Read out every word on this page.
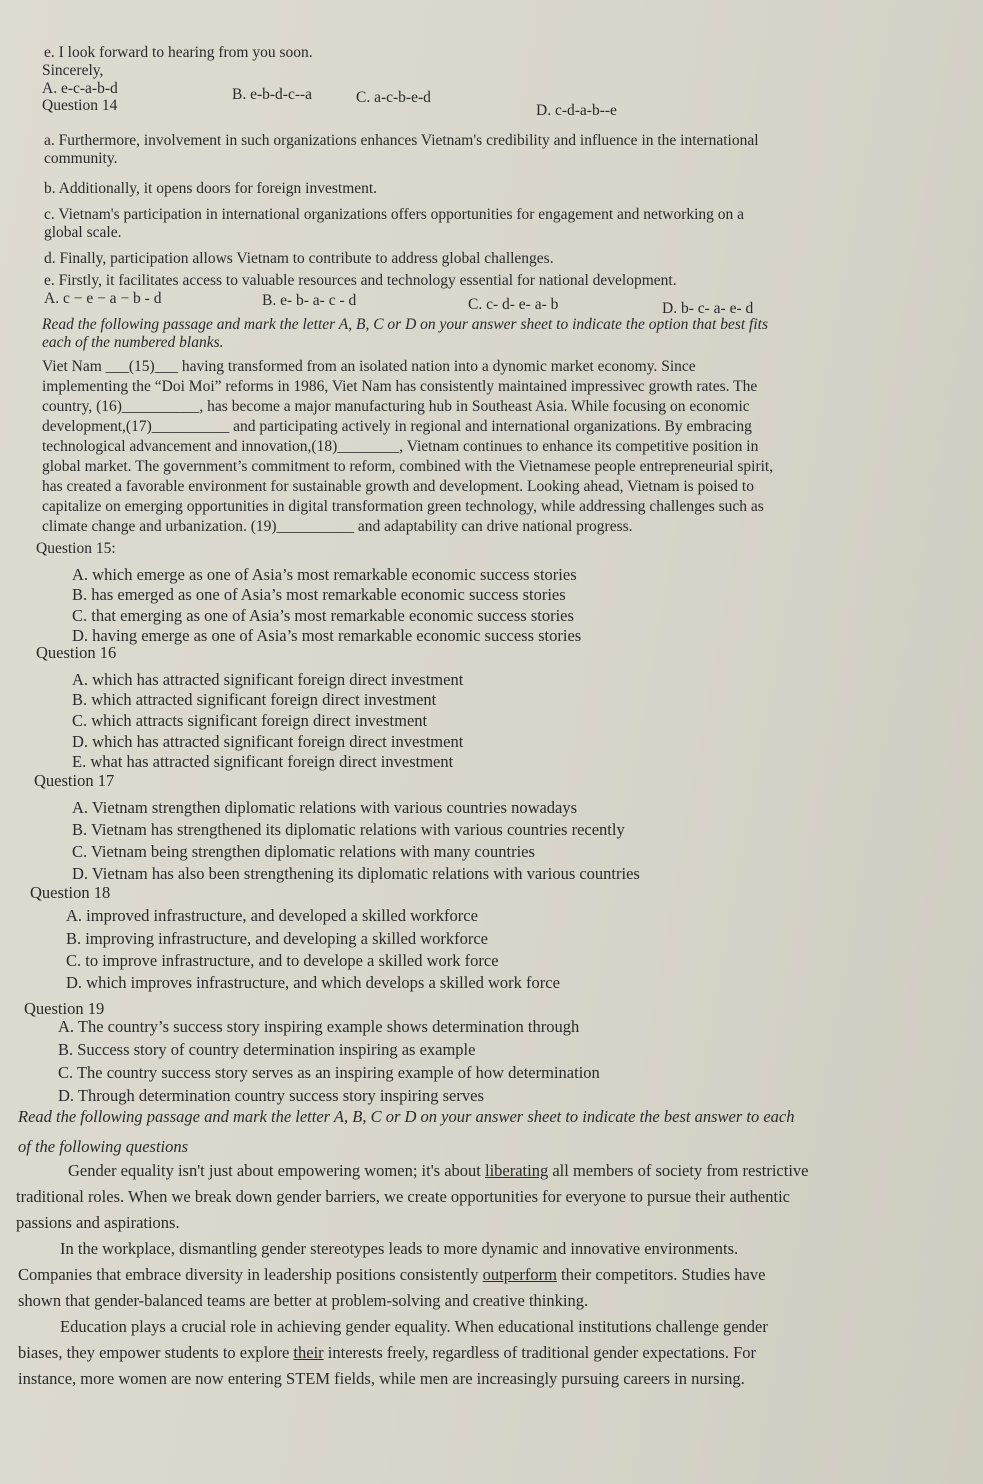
e. I look forward to hearing from you soon.
Sincerely,
A. e-c-a-b-d	B. e-b-d-c--a	C. a-c-b-e-d
D. c-d-a-b--e
Question 14
a. Furthermore, involvement in such organizations enhances Vietnam's credibility and influence in the international
community.
b. Additionally, it opens doors for foreign investment.
c. Vietnam's participation in international organizations offers opportunities for engagement and networking on a
global scale.
d. Finally, participation allows Vietnam to contribute to address global challenges.
e. Firstly, it facilitates access to valuable resources and technology essential for national development.
A. c − e − a − b - d	B. e- b- a- c - d	C. c- d- e- a- b	D. b- c- a- e- d
Read the following passage and mark the letter A, B, C or D on your answer sheet to indicate the option that best fits
each of the numbered blanks.
Viet Nam ___(15)___ having transformed from an isolated nation into a dynomic market economy. Since
implementing the “Doi Moi” reforms in 1986, Viet Nam has consistently maintained impressivec growth rates. The
country, (16)__________, has become a major manufacturing hub in Southeast Asia. While focusing on economic
development,(17)__________ and participating actively in regional and international organizations. By embracing
technological advancement and innovation,(18)________, Vietnam continues to enhance its competitive position in
global market. The government’s commitment to reform, combined with the Vietnamese people entrepreneurial spirit,
has created a favorable environment for sustainable growth and development. Looking ahead, Vietnam is poised to
capitalize on emerging opportunities in digital transformation green technology, while addressing challenges such as
climate change and urbanization. (19)__________ and adaptability can drive national progress.
Question 15:
A. which emerge as one of Asia’s most remarkable economic success stories
B. has emerged as one of Asia’s most remarkable economic success stories
C. that emerging as one of Asia’s most remarkable economic success stories
D. having emerge as one of Asia’s most remarkable economic success stories
Question 16
A. which has attracted significant foreign direct investment
B. which attracted significant foreign direct investment
C. which attracts significant foreign direct investment
D. which has attracted significant foreign direct investment
E. what has attracted significant foreign direct investment
Question 17
A. Vietnam strengthen diplomatic relations with various countries nowadays
B. Vietnam has strengthened its diplomatic relations with various countries recently
C. Vietnam being strengthen diplomatic relations with many countries
D. Vietnam has also been strengthening its diplomatic relations with various countries
Question 18
A. improved infrastructure, and developed a skilled workforce
B. improving infrastructure, and developing a skilled workforce
C. to improve infrastructure, and to develope a skilled work force
D. which improves infrastructure, and which develops a skilled work force
Question 19
A. The country’s success story inspiring example shows determination through
B. Success story of country determination inspiring as example
C. The country success story serves as an inspiring example of how determination
D. Through determination country success story inspiring serves
Read the following passage and mark the letter A, B, C or D on your answer sheet to indicate the best answer to each
of the following questions
Gender equality isn't just about empowering women; it's about liberating all members of society from restrictive
traditional roles. When we break down gender barriers, we create opportunities for everyone to pursue their authentic
passions and aspirations.
In the workplace, dismantling gender stereotypes leads to more dynamic and innovative environments.
Companies that embrace diversity in leadership positions consistently outperform their competitors. Studies have
shown that gender-balanced teams are better at problem-solving and creative thinking.
Education plays a crucial role in achieving gender equality. When educational institutions challenge gender
biases, they empower students to explore their interests freely, regardless of traditional gender expectations. For
instance, more women are now entering STEM fields, while men are increasingly pursuing careers in nursing.
